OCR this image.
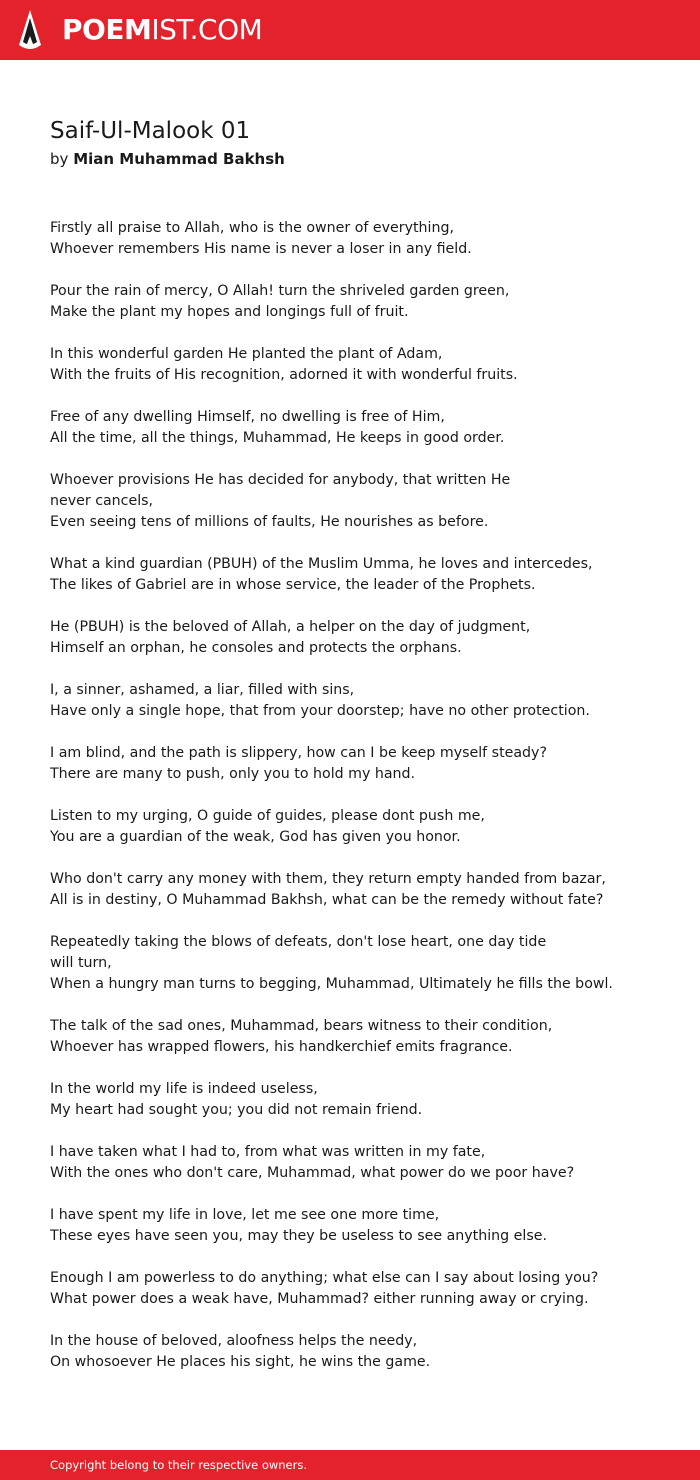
POEMIST.COM
Saif-Ul-Malook 01
by Mian Muhammad Bakhsh
Firstly all praise to Allah, who is the owner of everything,
Whoever remembers His name is never a loser in any field.
Pour the rain of mercy, O Allah! turn the shriveled garden green,
Make the plant my hopes and longings full of fruit.
In this wonderful garden He planted the plant of Adam,
With the fruits of His recognition, adorned it with wonderful fruits.
Free of any dwelling Himself, no dwelling is free of Him,
All the time, all the things, Muhammad, He keeps in good order.
Whoever provisions He has decided for anybody, that written He never cancels,
Even seeing tens of millions of faults, He nourishes as before.
What a kind guardian (PBUH) of the Muslim Umma, he loves and intercedes,
The likes of Gabriel are in whose service, the leader of the Prophets.
He (PBUH) is the beloved of Allah, a helper on the day of judgment,
Himself an orphan, he consoles and protects the orphans.
I, a sinner, ashamed, a liar, filled with sins,
Have only a single hope, that from your doorstep; have no other protection.
I am blind, and the path is slippery, how can I be keep myself steady?
There are many to push, only you to hold my hand.
Listen to my urging, O guide of guides, please dont push me,
You are a guardian of the weak, God has given you honor.
Who don't carry any money with them, they return empty handed from bazar,
All is in destiny, O Muhammad Bakhsh, what can be the remedy without fate?
Repeatedly taking the blows of defeats, don't lose heart, one day tide will turn,
When a hungry man turns to begging, Muhammad, Ultimately he fills the bowl.
The talk of the sad ones, Muhammad, bears witness to their condition,
Whoever has wrapped flowers, his handkerchief emits fragrance.
In the world my life is indeed useless,
My heart had sought you; you did not remain friend.
I have taken what I had to, from what was written in my fate,
With the ones who don't care, Muhammad, what power do we poor have?
I have spent my life in love, let me see one more time,
These eyes have seen you, may they be useless to see anything else.
Enough I am powerless to do anything; what else can I say about losing you?
What power does a weak have, Muhammad? either running away or crying.
In the house of beloved, aloofness helps the needy,
On whosoever He places his sight, he wins the game.
Copyright belong to their respective owners.
